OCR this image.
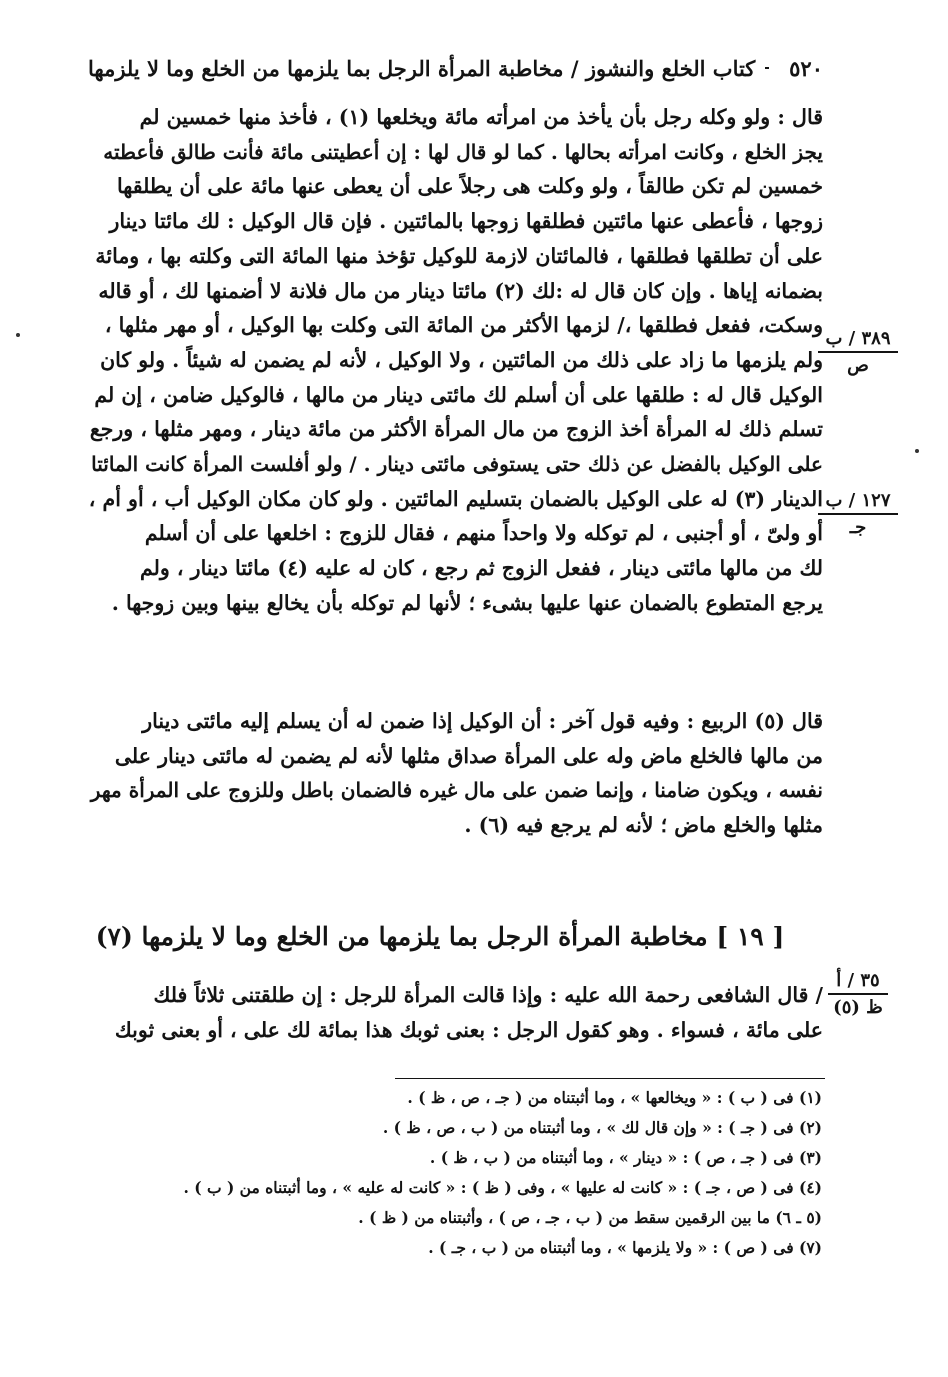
٥٢٠
كتاب الخلع والنشوز / مخاطبة المرأة الرجل بما يلزمها من الخلع وما لا يلزمها
قال : ولو وكله رجل بأن يأخذ من امرأته مائة ويخلعها (١) ، فأخذ منها خمسين لم
يجز الخلع ، وكانت امرأته بحالها . كما لو قال لها : إن أعطيتنى مائة فأنت طالق فأعطته
خمسين لم تكن طالقاً ، ولو وكلت هى رجلاً على أن يعطى عنها مائة على أن يطلقها
زوجها ، فأعطى عنها مائتين فطلقها زوجها بالمائتين . فإن قال الوكيل : لك مائتا دينار
على أن تطلقها فطلقها ، فالمائتان لازمة للوكيل تؤخذ منها المائة التى وكلته بها ، ومائة
بضمانه إياها . وإن كان قال له :لك (٢) مائتا دينار من مال فلانة لا أضمنها لك ، أو قاله
وسكت، ففعل فطلقها ،/ لزمها الأكثر من المائة التى وكلت بها الوكيل ، أو مهر مثلها ،
ولم يلزمها ما زاد على ذلك من المائتين ، ولا الوكيل ، لأنه لم يضمن له شيئاً . ولو كان
الوكيل قال له : طلقها على أن أسلم لك مائتى دينار من مالها ، فالوكيل ضامن ، إن لم
تسلم ذلك له المرأة أخذ الزوج من مال المرأة الأكثر من مائة دينار ، ومهر مثلها ، ورجع
على الوكيل بالفضل عن ذلك حتى يستوفى مائتى دينار . / ولو أفلست المرأة كانت المائتا
الدينار (٣) له على الوكيل بالضمان بتسليم المائتين . ولو كان مكان الوكيل أب ، أو أم ،
أو ولىّ ، أو أجنبى ، لم توكله ولا واحداً منهم ، فقال للزوج : اخلعها على أن أسلم
لك من مالها مائتى دينار ، ففعل الزوج ثم رجع ، كان له عليه (٤) مائتا دينار ، ولم
يرجع المتطوع بالضمان عنها عليها بشىء ؛ لأنها لم توكله بأن يخالع بينها وبين زوجها .
قال (٥) الربيع : وفيه قول آخر : أن الوكيل إذا ضمن له أن يسلم إليه مائتى دينار
من مالها فالخلع ماض وله على المرأة صداق مثلها لأنه لم يضمن له مائتى دينار على
نفسه ، ويكون ضامنا ، وإنما ضمن على مال غيره فالضمان باطل وللزوج على المرأة مهر
مثلها والخلع ماض ؛ لأنه لم يرجع فيه (٦) .
[ ١٩ ] مخاطبة المرأة الرجل بما يلزمها من الخلع وما لا يلزمها (٧)
/ قال الشافعى رحمة الله عليه : وإذا قالت المرأة للرجل : إن طلقتنى ثلاثاً فلك
على مائة ، فسواء . وهو كقول الرجل : بعنى ثوبك هذا بمائة لك على ، أو بعنى ثوبك
٣٨٩ / ب
ص
١٢٧ / ب
جـ
٣٥ / أ
ظ (٥)
(١) فى ( ب ) : « ويخالعها » ، وما أثبتناه من ( جـ ، ص ، ظ ) .
(٢) فى ( جـ ) : « وإن قال لك » ، وما أثبتناه من ( ب ، ص ، ظ ) .
(٣) فى ( جـ ، ص ) : « دينار » ، وما أثبتناه من ( ب ، ظ ) .
(٤) فى ( ص ، جـ ) : « كانت له عليها » ، وفى ( ظ ) : « كانت له عليه » ، وما أثبتناه من ( ب ) .
(٥ ـ ٦) ما بين الرقمين سقط من ( ب ، جـ ، ص ) ، وأثبتناه من ( ظ ) .
(٧) فى ( ص ) : « ولا يلزمها » ، وما أثبتناه من ( ب ، جـ ) .
